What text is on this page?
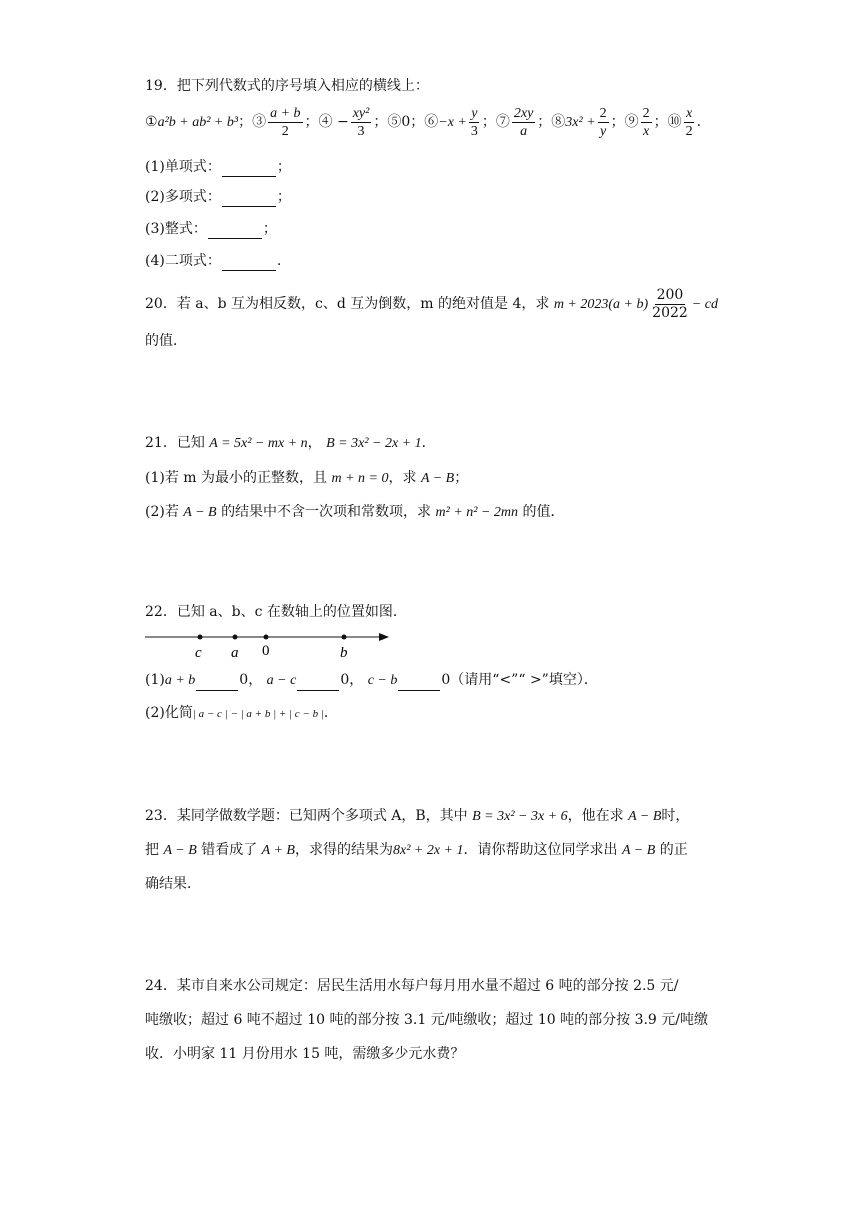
19．把下列代数式的序号填入相应的横线上：
①a²b + ab² + b³；③ $\frac{a + b}{2}$ ；④ − $\frac{\text{xy²}}{3}$ ；⑤0；⑥−x + $\frac{y}{3}$ ；⑦ $\frac{2xy}{a}$ ；⑧3x² + $\frac{2}{y}$ ；⑨ $\frac{2}{x}$ ；⑩ $\frac{x}{2}$ .
(1)单项式：	；
(2)多项式：	；
(3)整式：	；
(4)二项式：	.
20．若 a、b 互为相反数，c、d 互为倒数，m 的绝对值是 4，求 $m + 2023(a + b) \frac{200}{2022}$ − cd
的值．
21．已知 A = 5x² − mx + n， B = 3x² − 2x + 1．
(1)若 m 为最小的正整数，且 m + n = 0，求 A − B；
(2)若 A − B 的结果中不含一次项和常数项，求 m² + n² − 2mn 的值．
22．已知 a、b、c 在数轴上的位置如图．
c a 0	b
(1)a + b	0， a − c	0， c − b	0（请用“<”“ >”填空）．
(2)化简| a − c | − | a + b | + | c − b |．
23．某同学做数学题：已知两个多项式 A，B，其中 B = 3x² − 3x + 6，他在求 A − B时，
把 A − B 错看成了 A + B，求得的结果为8x² + 2x + 1．请你帮助这位同学求出 A − B 的正
确结果．
24．某市自来水公司规定：居民生活用水每户每月用水量不超过 6 吨的部分按 2.5 元/
吨缴收；超过 6 吨不超过 10 吨的部分按 3.1 元/吨缴收；超过 10 吨的部分按 3.9 元/吨缴
收．小明家 11 月份用水 15 吨，需缴多少元水费？
